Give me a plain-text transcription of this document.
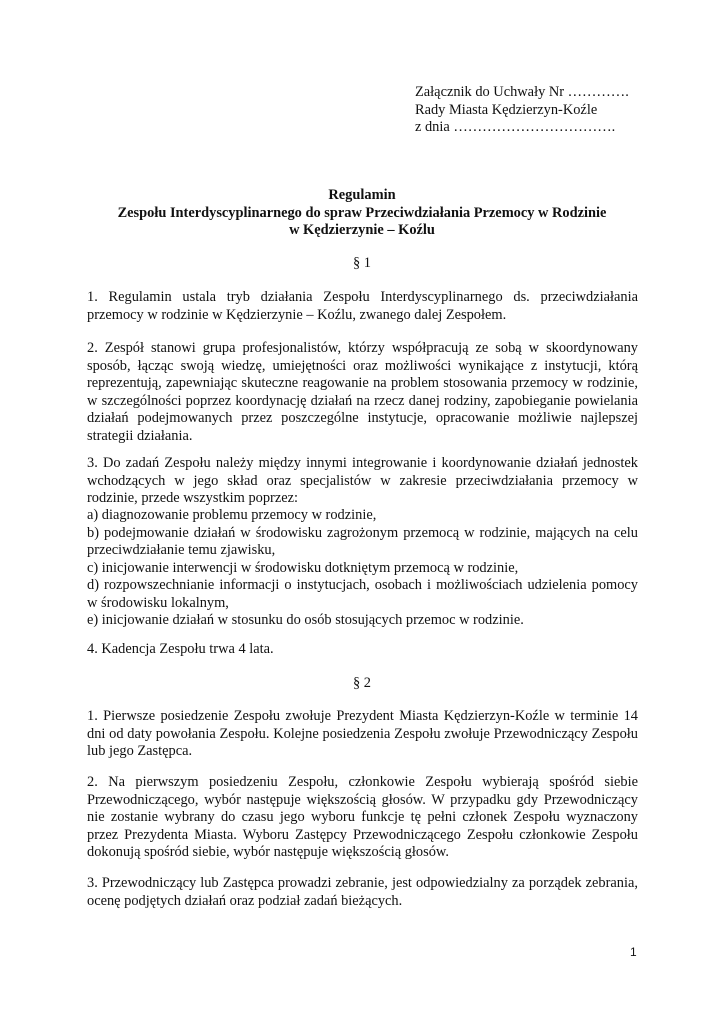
Załącznik do Uchwały Nr ………….
Rady Miasta Kędzierzyn-Koźle
z dnia …………………………….
Regulamin
Zespołu Interdyscyplinarnego do spraw Przeciwdziałania Przemocy w Rodzinie
w Kędzierzynie – Koźlu
§ 1
1. Regulamin ustala tryb działania Zespołu Interdyscyplinarnego ds. przeciwdziałania przemocy w rodzinie w Kędzierzynie – Koźlu, zwanego dalej Zespołem.
2. Zespół stanowi grupa profesjonalistów, którzy współpracują ze sobą w skoordynowany sposób, łącząc swoją wiedzę, umiejętności oraz możliwości wynikające z instytucji, którą reprezentują, zapewniając skuteczne reagowanie na problem stosowania przemocy w rodzinie, w szczególności poprzez koordynację działań na rzecz danej rodziny, zapobieganie powielania działań podejmowanych przez poszczególne instytucje, opracowanie możliwie najlepszej strategii działania.
3. Do zadań Zespołu należy między innymi integrowanie i koordynowanie działań jednostek wchodzących w jego skład oraz specjalistów w zakresie przeciwdziałania przemocy w rodzinie, przede wszystkim poprzez:
a) diagnozowanie problemu przemocy w rodzinie,
b) podejmowanie działań w środowisku zagrożonym przemocą w rodzinie, mających na celu przeciwdziałanie temu zjawisku,
c) inicjowanie interwencji w środowisku dotkniętym przemocą w rodzinie,
d) rozpowszechnianie informacji o instytucjach, osobach i możliwościach udzielenia pomocy w środowisku lokalnym,
e) inicjowanie działań w stosunku do osób stosujących przemoc w rodzinie.
4. Kadencja Zespołu trwa 4 lata.
§ 2
1. Pierwsze posiedzenie Zespołu zwołuje Prezydent Miasta Kędzierzyn-Koźle w terminie 14 dni od daty powołania Zespołu. Kolejne posiedzenia Zespołu zwołuje Przewodniczący Zespołu lub jego Zastępca.
2. Na pierwszym posiedzeniu Zespołu, członkowie Zespołu wybierają spośród siebie Przewodniczącego, wybór następuje większością głosów. W przypadku gdy Przewodniczący nie zostanie wybrany do czasu jego wyboru funkcje tę pełni członek Zespołu wyznaczony przez Prezydenta Miasta. Wyboru Zastępcy Przewodniczącego Zespołu członkowie Zespołu dokonują spośród siebie, wybór następuje większością głosów.
3. Przewodniczący lub Zastępca prowadzi zebranie, jest odpowiedzialny za porządek zebrania, ocenę podjętych działań oraz podział zadań bieżących.
1
